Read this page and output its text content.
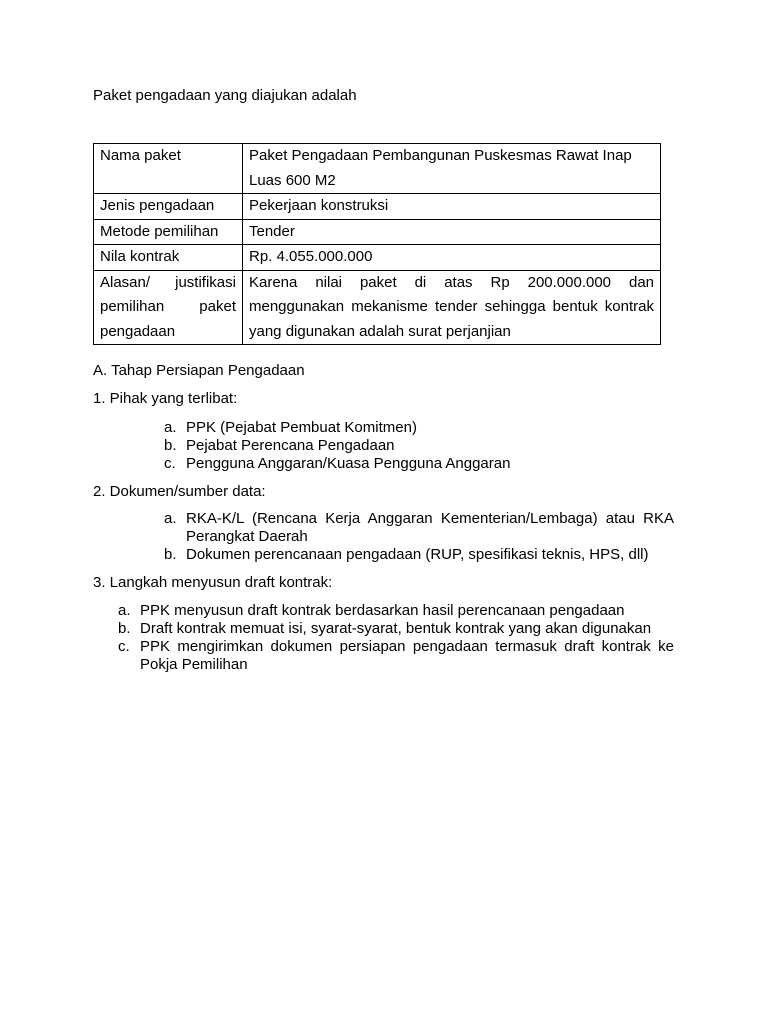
Paket pengadaan yang diajukan adalah

Nama paket	Paket Pengadaan Pembangunan Puskesmas Rawat Inap Luas 600 M2
Jenis pengadaan	Pekerjaan konstruksi
Metode pemilihan	Tender
Nila kontrak	Rp. 4.055.000.000
Alasan/ justifikasi pemilihan paket pengadaan	Karena nilai paket di atas Rp 200.000.000 dan menggunakan mekanisme tender sehingga bentuk kontrak yang digunakan adalah surat perjanjian

A. Tahap Persiapan Pengadaan

1. Pihak yang terlibat:

a. PPK (Pejabat Pembuat Komitmen)
b. Pejabat Perencana Pengadaan
c. Pengguna Anggaran/Kuasa Pengguna Anggaran

2. Dokumen/sumber data:

a. RKA-K/L (Rencana Kerja Anggaran Kementerian/Lembaga) atau RKA Perangkat Daerah
b. Dokumen perencanaan pengadaan (RUP, spesifikasi teknis, HPS, dll)

3. Langkah menyusun draft kontrak:

a. PPK menyusun draft kontrak berdasarkan hasil perencanaan pengadaan
b. Draft kontrak memuat isi, syarat-syarat, bentuk kontrak yang akan digunakan
c. PPK mengirimkan dokumen persiapan pengadaan termasuk draft kontrak ke Pokja Pemilihan
